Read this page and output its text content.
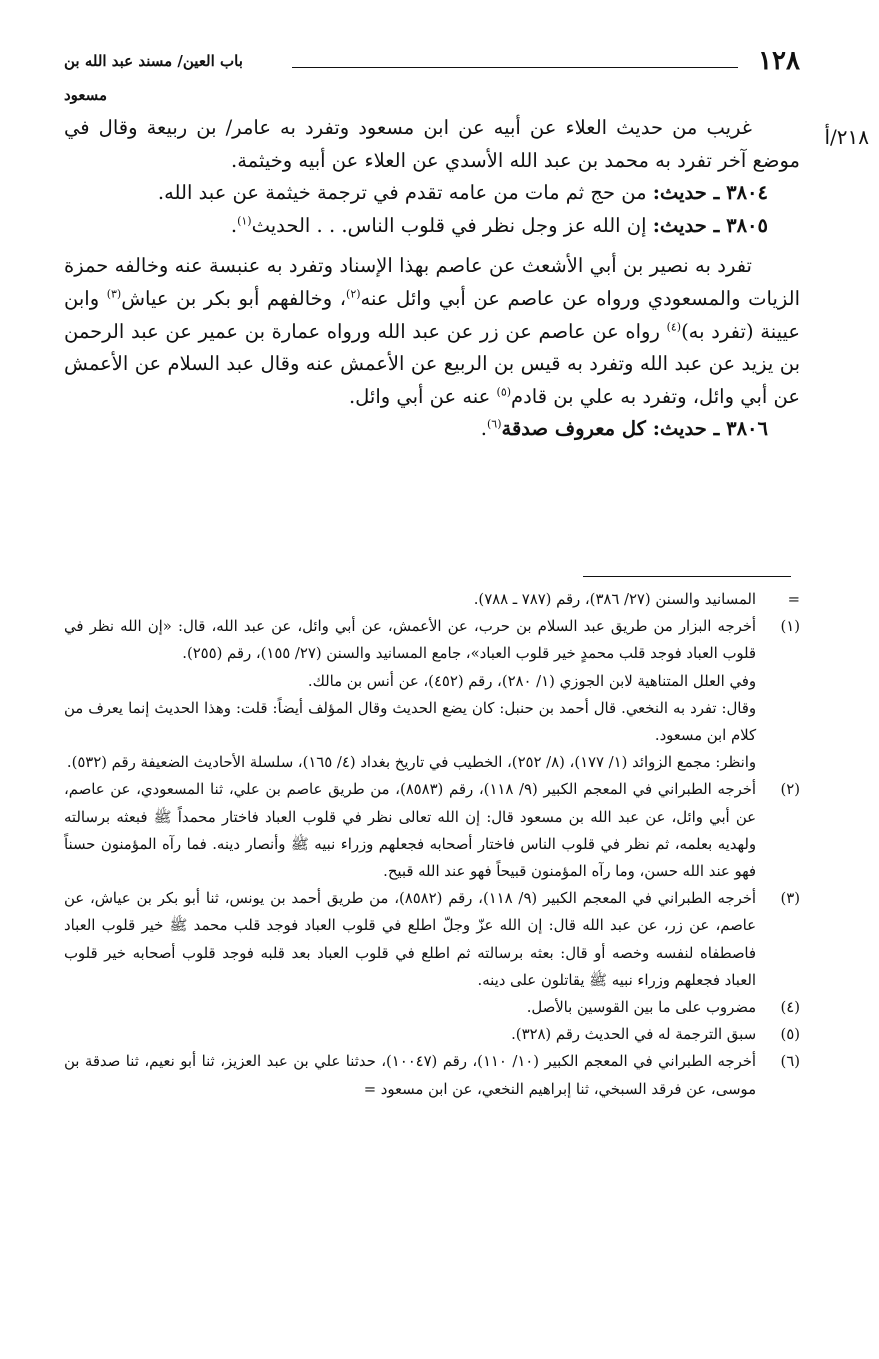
١٢٨
باب العين/ مسند عبد الله بن مسعود
٢١٨/أ

غريب من حديث العلاء عن أبيه عن ابن مسعود وتفرد به عامر/ بن ربيعة وقال في موضع آخر تفرد به محمد بن عبد الله الأسدي عن العلاء عن أبيه وخيثمة.

٣٨٠٤ ـ حديث: من حج ثم مات من عامه تقدم في ترجمة خيثمة عن عبد الله.

٣٨٠٥ ـ حديث: إن الله عز وجل نظر في قلوب الناس. . . الحديث$^{(١)}$.

تفرد به نصير بن أبي الأشعث عن عاصم بهذا الإسناد وتفرد به عنبسة عنه وخالفه حمزة الزيات والمسعودي ورواه عن عاصم عن أبي وائل عنه$^{(٢)}$، وخالفهم أبو بكر بن عياش$^{(٣)}$ وابن عيينة (تفرد به)$^{(٤)}$ رواه عن عاصم عن زر عن عبد الله ورواه عمارة بن عمير عن عبد الرحمن بن يزيد عن عبد الله وتفرد به قيس بن الربيع عن الأعمش عنه وقال عبد السلام عن الأعمش عن أبي وائل، وتفرد به علي بن قادم$^{(٥)}$ عنه عن أبي وائل.

٣٨٠٦ ـ حديث: كل معروف صدقة$^{(٦)}$.

=

المسانيد والسنن (٢٧/ ٣٨٦)، رقم (٧٨٧ ـ ٧٨٨).

(١)

أخرجه البزار من طريق عبد السلام بن حرب، عن الأعمش، عن أبي وائل، عن عبد الله، قال: «إن الله نظر في قلوب العباد فوجد قلب محمدٍ خير قلوب العباد»، جامع المسانيد والسنن (٢٧/ ١٥٥)، رقم (٢٥٥).

وفي العلل المتناهية لابن الجوزي (١/ ٢٨٠)، رقم (٤٥٢)، عن أنس بن مالك.

وقال: تفرد به النخعي. قال أحمد بن حنبل: كان يضع الحديث وقال المؤلف أيضاً: قلت: وهذا الحديث إنما يعرف من كلام ابن مسعود.

وانظر: مجمع الزوائد (١/ ١٧٧)، (٨/ ٢٥٢)، الخطيب في تاريخ بغداد (٤/ ١٦٥)، سلسلة الأحاديث الضعيفة رقم (٥٣٢).

(٢)

أخرجه الطبراني في المعجم الكبير (٩/ ١١٨)، رقم (٨٥٨٣)، من طريق عاصم بن علي، ثنا المسعودي، عن عاصم، عن أبي وائل، عن عبد الله بن مسعود قال: إن الله تعالى نظر في قلوب العباد فاختار محمداً ﷺ فبعثه برسالته ولهديه بعلمه، ثم نظر في قلوب الناس فاختار أصحابه فجعلهم وزراء نبيه ﷺ وأنصار دينه. فما رآه المؤمنون حسناً فهو عند الله حسن، وما رآه المؤمنون قبيحاً فهو عند الله قبيح.

(٣)

أخرجه الطبراني في المعجم الكبير (٩/ ١١٨)، رقم (٨٥٨٢)، من طريق أحمد بن يونس، ثنا أبو بكر بن عياش، عن عاصم، عن زر، عن عبد الله قال: إن الله عزّ وجلّ اطلع في قلوب العباد فوجد قلب محمد ﷺ خير قلوب العباد فاصطفاه لنفسه وخصه أو قال: بعثه برسالته ثم اطلع في قلوب العباد بعد قلبه فوجد قلوب أصحابه خير قلوب العباد فجعلهم وزراء نبيه ﷺ يقاتلون على دينه.

(٤)

مضروب على ما بين القوسين بالأصل.

(٥)

سبق الترجمة له في الحديث رقم (٣٢٨).

(٦)

أخرجه الطبراني في المعجم الكبير (١٠/ ١١٠)، رقم (١٠٠٤٧)، حدثنا علي بن عبد العزيز، ثنا أبو نعيم، ثنا صدقة بن موسى، عن فرقد السبخي، ثنا إبراهيم النخعي، عن ابن مسعود =
